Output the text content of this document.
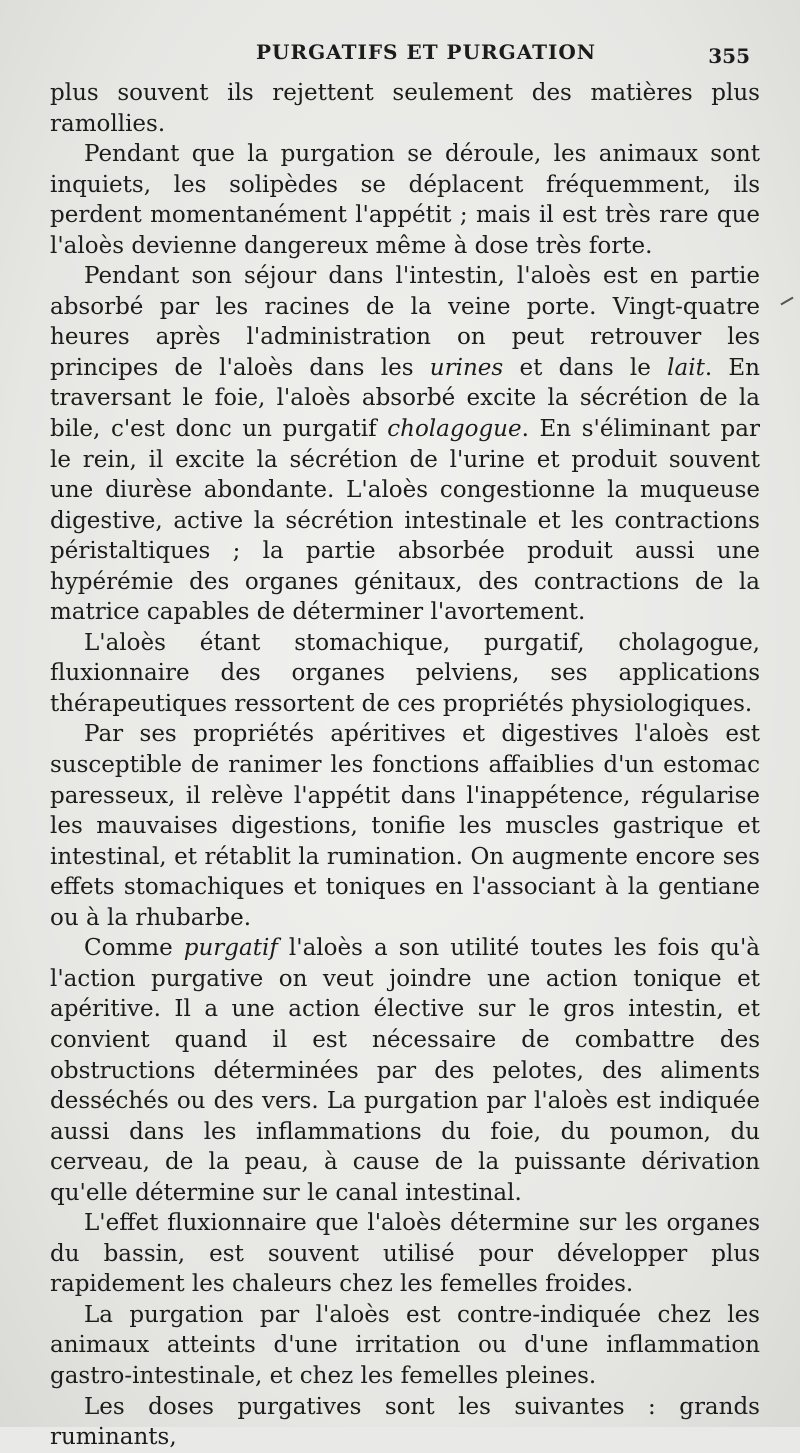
PURGATIFS ET PURGATION	355

plus souvent ils rejettent seulement des matières plus ramollies.

Pendant que la purgation se déroule, les animaux sont inquiets, les solipèdes se déplacent fréquemment, ils perdent momentanément l'appétit ; mais il est très rare que l'aloès devienne dangereux même à dose très forte.

Pendant son séjour dans l'intestin, l'aloès est en partie absorbé par les racines de la veine porte. Vingt-quatre heures après l'administration on peut retrouver les principes de l'aloès dans les urines et dans le lait. En traversant le foie, l'aloès absorbé excite la sécrétion de la bile, c'est donc un purgatif cholagogue. En s'éliminant par le rein, il excite la sécrétion de l'urine et produit souvent une diurèse abondante. L'aloès congestionne la muqueuse digestive, active la sécrétion intestinale et les contractions péristaltiques ; la partie absorbée produit aussi une hypérémie des organes génitaux, des contractions de la matrice capables de déterminer l'avortement.

L'aloès étant stomachique, purgatif, cholagogue, fluxionnaire des organes pelviens, ses applications thérapeutiques ressortent de ces propriétés physiologiques.

Par ses propriétés apéritives et digestives l'aloès est susceptible de ranimer les fonctions affaiblies d'un estomac paresseux, il relève l'appétit dans l'inappétence, régularise les mauvaises digestions, tonifie les muscles gastrique et intestinal, et rétablit la rumination. On augmente encore ses effets stomachiques et toniques en l'associant à la gentiane ou à la rhubarbe.

Comme purgatif l'aloès a son utilité toutes les fois qu'à l'action purgative on veut joindre une action tonique et apéritive. Il a une action élective sur le gros intestin, et convient quand il est nécessaire de combattre des obstructions déterminées par des pelotes, des aliments desséchés ou des vers. La purgation par l'aloès est indiquée aussi dans les inflammations du foie, du poumon, du cerveau, de la peau, à cause de la puissante dérivation qu'elle détermine sur le canal intestinal.

L'effet fluxionnaire que l'aloès détermine sur les organes du bassin, est souvent utilisé pour développer plus rapidement les chaleurs chez les femelles froides.

La purgation par l'aloès est contre-indiquée chez les animaux atteints d'une irritation ou d'une inflammation gastro-intestinale, et chez les femelles pleines.

Les doses purgatives sont les suivantes : grands ruminants,
